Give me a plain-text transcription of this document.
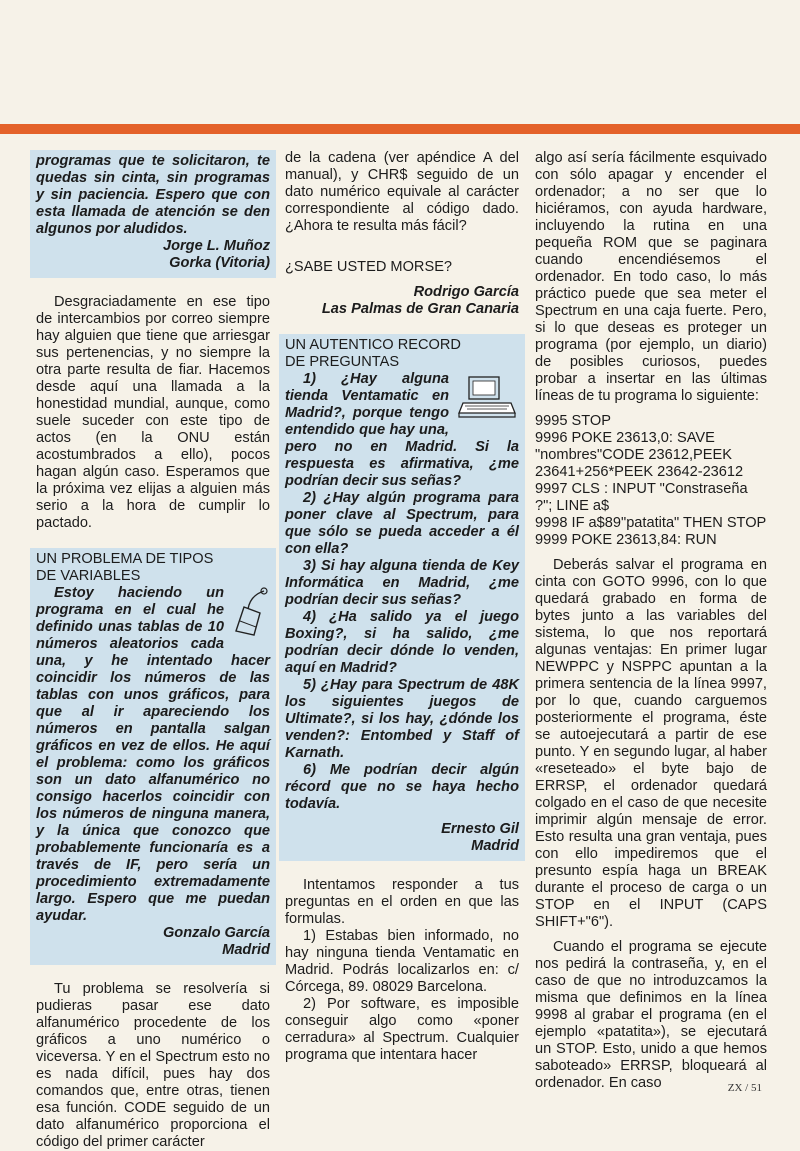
programas que te solicitaron, te quedas sin cinta, sin programas y sin paciencia. Espero que con esta llamada de atención se den algunos por aludidos.

Jorge L. Muñoz

Gorka (Vitoria)

Desgraciadamente en ese tipo de intercambios por correo siempre hay alguien que tiene que arriesgar sus pertenencias, y no siempre la otra parte resulta de fiar. Hacemos desde aquí una llamada a la honestidad mundial, aunque, como suele suceder con este tipo de actos (en la ONU están acostumbrados a ello), pocos hagan algún caso. Esperamos que la próxima vez elijas a alguien más serio a la hora de cumplir lo pactado.

UN PROBLEMA DE TIPOS

DE VARIABLES

Estoy haciendo un programa en el cual he definido unas tablas de 10 números aleatorios cada una, y he intentado hacer coincidir los números de las tablas con unos gráficos, para que al ir apareciendo los números en pantalla salgan gráficos en vez de ellos. He aquí el problema: como los gráficos son un dato alfanumérico no consigo hacerlos coincidir con los números de ninguna manera, y la única que conozco que probablemente funcionaría es a través de IF, pero sería un procedimiento extremadamente largo. Espero que me puedan ayudar.

Gonzalo García

Madrid

Tu problema se resolvería si pudieras pasar ese dato alfanumérico procedente de los gráficos a uno numérico o viceversa. Y en el Spectrum esto no es nada difícil, pues hay dos comandos que, entre otras, tienen esa función. CODE seguido de un dato alfanumérico proporciona el código del primer carácter

de la cadena (ver apéndice A del manual), y CHR$ seguido de un dato numérico equivale al carácter correspondiente al código dado. ¿Ahora te resulta más fácil?

¿SABE USTED MORSE?

Rodrigo García

Las Palmas de Gran Canaria

UN AUTENTICO RECORD

DE PREGUNTAS

1) ¿Hay alguna tienda Ventamatic en Madrid?, porque tengo entendido que hay una, pero no en Madrid. Si la respuesta es afirmativa, ¿me podrían decir sus señas?

2) ¿Hay algún programa para poner clave al Spectrum, para que sólo se pueda acceder a él con ella?

3) Si hay alguna tienda de Key Informática en Madrid, ¿me podrían decir sus señas?

4) ¿Ha salido ya el juego Boxing?, si ha salido, ¿me podrían decir dónde lo venden, aquí en Madrid?

5) ¿Hay para Spectrum de 48K los siguientes juegos de Ultimate?, si los hay, ¿dónde los venden?: Entombed y Staff of Karnath.

6) Me podrían decir algún récord que no se haya hecho todavía.

Ernesto Gil

Madrid

Intentamos responder a tus preguntas en el orden en que las formulas.

1) Estabas bien informado, no hay ninguna tienda Ventamatic en Madrid. Podrás localizarlos en: c/ Córcega, 89. 08029 Barcelona.

2) Por software, es imposible conseguir algo como «poner cerradura» al Spectrum. Cualquier programa que intentara hacer

algo así sería fácilmente esquivado con sólo apagar y encender el ordenador; a no ser que lo hiciéramos, con ayuda hardware, incluyendo la rutina en una pequeña ROM que se paginara cuando encendiésemos el ordenador. En todo caso, lo más práctico puede que sea meter el Spectrum en una caja fuerte. Pero, si lo que deseas es proteger un programa (por ejemplo, un diario) de posibles curiosos, puedes probar a insertar en las últimas líneas de tu programa lo siguiente:

9995 STOP

9996 POKE 23613,0: SAVE "nombres"CODE 23612,PEEK 23641+256*PEEK 23642-23612

9997 CLS : INPUT "Constraseña ?"; LINE a$

9998 IF a$89"patatita" THEN STOP

9999 POKE 23613,84: RUN

Deberás salvar el programa en cinta con GOTO 9996, con lo que quedará grabado en forma de bytes junto a las variables del sistema, lo que nos reportará algunas ventajas: En primer lugar NEWPPC y NSPPC apuntan a la primera sentencia de la línea 9997, por lo que, cuando carguemos posteriormente el programa, éste se autoejecutará a partir de ese punto. Y en segundo lugar, al haber «reseteado» el byte bajo de ERRSP, el ordenador quedará colgado en el caso de que necesite imprimir algún mensaje de error. Esto resulta una gran ventaja, pues con ello impediremos que el presunto espía haga un BREAK durante el proceso de carga o un STOP en el INPUT (CAPS SHIFT+"6").

Cuando el programa se ejecute nos pedirá la contraseña, y, en el caso de que no introduzcamos la misma que definimos en la línea 9998 al grabar el programa (en el ejemplo «patatita»), se ejecutará un STOP. Esto, unido a que hemos saboteado» ERRSP, bloqueará al ordenador. En caso	ZX / 51
